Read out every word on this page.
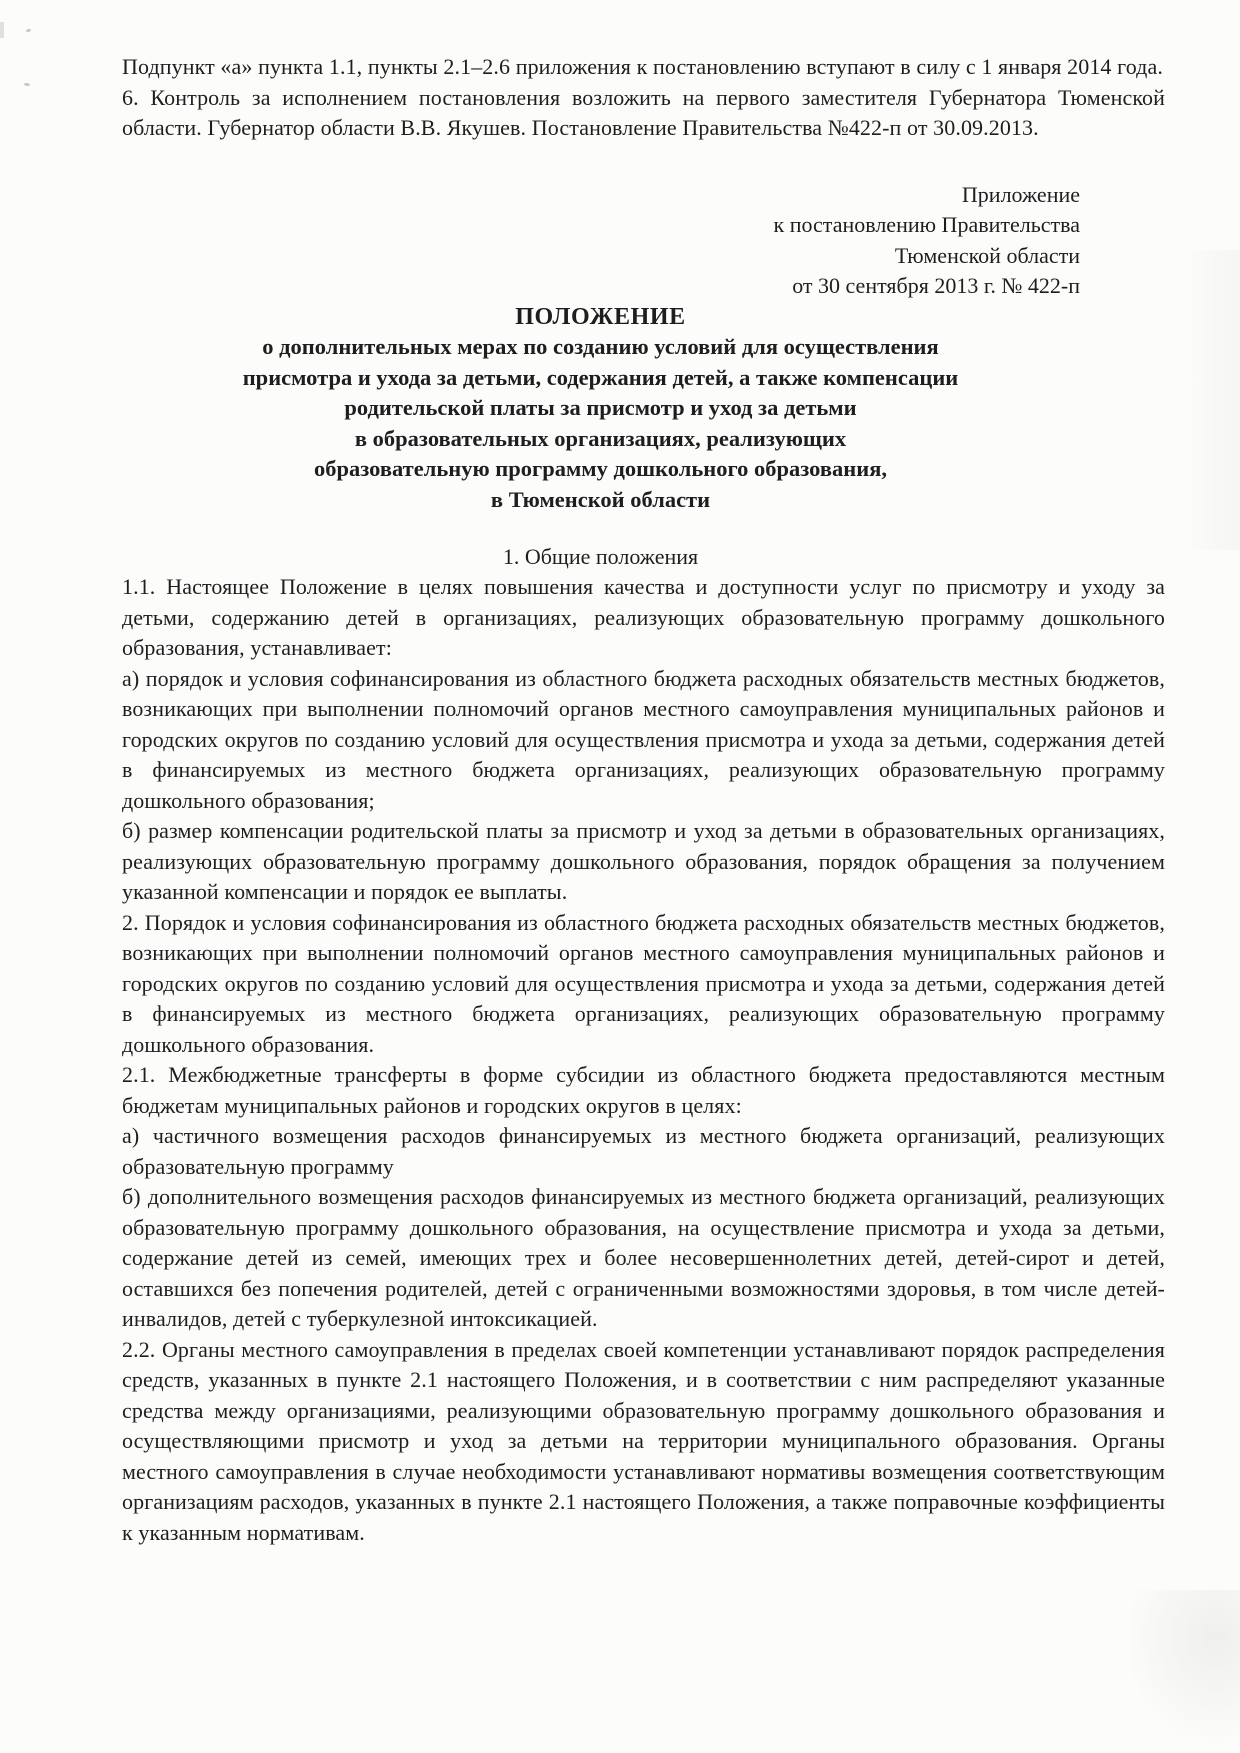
Подпункт «а» пункта 1.1, пункты 2.1–2.6 приложения к постановлению вступают в силу с 1 января 2014 года.

6. Контроль за исполнением постановления возложить на первого заместителя Губернатора Тюменской области. Губернатор области В.В. Якушев. Постановление Правительства №422-п от 30.09.2013.

Приложение
к постановлению Правительства
Тюменской области
от 30 сентября 2013 г. № 422-п
ПОЛОЖЕНИЕ
о дополнительных мерах по созданию условий для осуществления
присмотра и ухода за детьми, содержания детей, а также компенсации
родительской платы за присмотр и уход за детьми
в образовательных организациях, реализующих
образовательную программу дошкольного образования,
в Тюменской области
1. Общие положения

1.1. Настоящее Положение в целях повышения качества и доступности услуг по присмотру и уходу за детьми, содержанию детей в организациях, реализующих образовательную программу дошкольного образования, устанавливает:

а) порядок и условия софинансирования из областного бюджета расходных обязательств местных бюджетов, возникающих при выполнении полномочий органов местного самоуправления муниципальных районов и городских округов по созданию условий для осуществления присмотра и ухода за детьми, содержания детей в финансируемых из местного бюджета организациях, реализующих образовательную программу дошкольного образования;

б) размер компенсации родительской платы за присмотр и уход за детьми в образовательных организациях, реализующих образовательную программу дошкольного образования, порядок обращения за получением указанной компенсации и порядок ее выплаты.

2. Порядок и условия софинансирования из областного бюджета расходных обязательств местных бюджетов, возникающих при выполнении полномочий органов местного самоуправления муниципальных районов и городских округов по созданию условий для осуществления присмотра и ухода за детьми, содержания детей в финансируемых из местного бюджета организациях, реализующих образовательную программу дошкольного образования.

2.1. Межбюджетные трансферты в форме субсидии из областного бюджета предоставляются местным бюджетам муниципальных районов и городских округов в целях:

а) частичного возмещения расходов финансируемых из местного бюджета организаций, реализующих образовательную программу

б) дополнительного возмещения расходов финансируемых из местного бюджета организаций, реализующих образовательную программу дошкольного образования, на осуществление присмотра и ухода за детьми, содержание детей из семей, имеющих трех и более несовершеннолетних детей, детей-сирот и детей, оставшихся без попечения родителей, детей с ограниченными возможностями здоровья, в том числе детей-инвалидов, детей с туберкулезной интоксикацией.

2.2. Органы местного самоуправления в пределах своей компетенции устанавливают порядок распределения средств, указанных в пункте 2.1 настоящего Положения, и в соответствии с ним распределяют указанные средства между организациями, реализующими образовательную программу дошкольного образования и осуществляющими присмотр и уход за детьми на территории муниципального образования. Органы местного самоуправления в случае необходимости устанавливают нормативы возмещения соответствующим организациям расходов, указанных в пункте 2.1 настоящего Положения, а также поправочные коэффициенты к указанным нормативам.
